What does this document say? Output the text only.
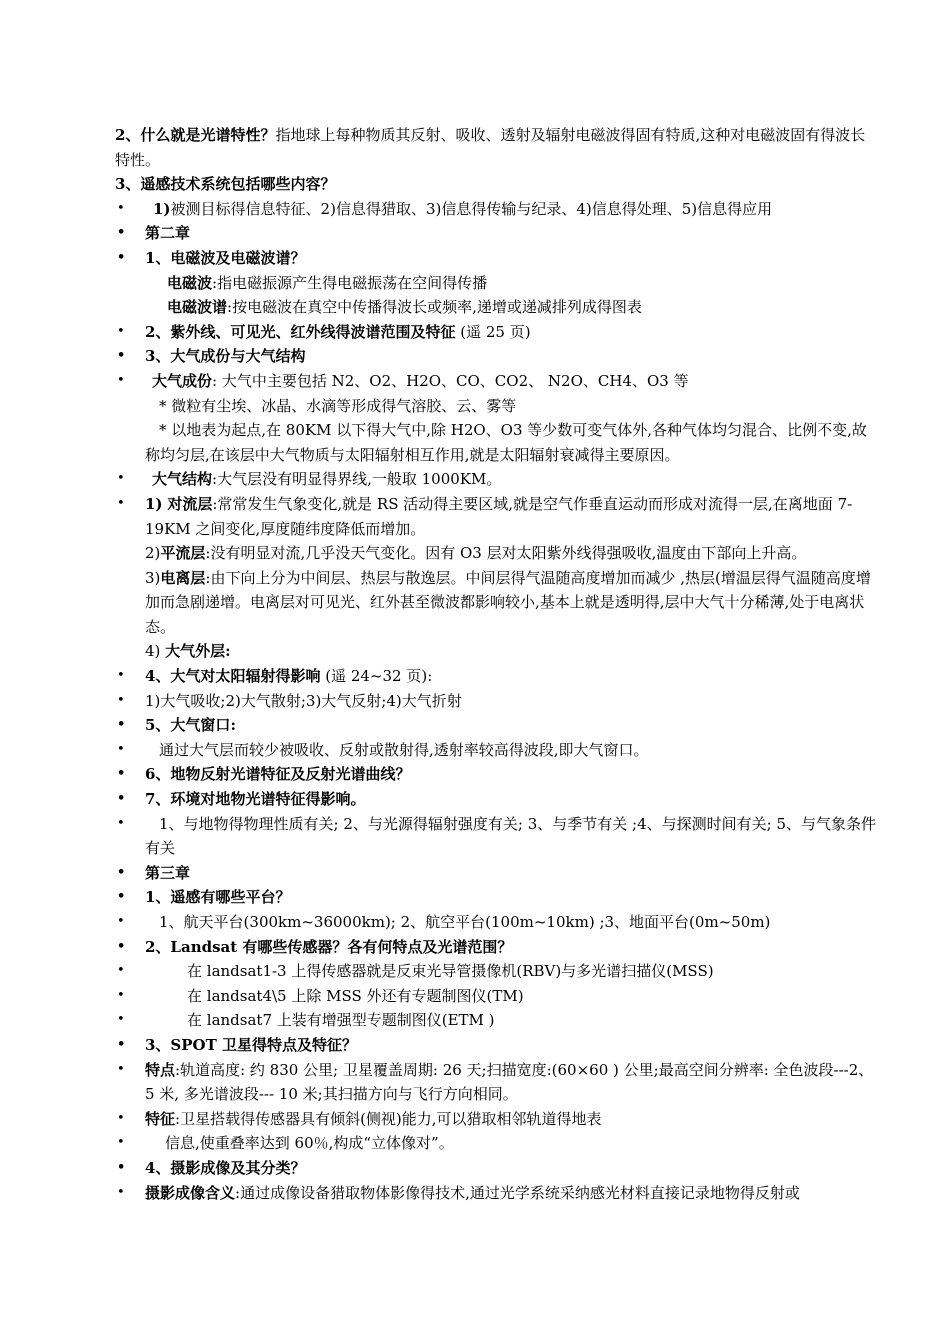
2、什么就是光谱特性？指地球上每种物质其反射、吸收、透射及辐射电磁波得固有特质,这种对电磁波固有得波长特性。

3、遥感技术系统包括哪些内容？

• 1)被测目标得信息特征、2)信息得猎取、3)信息得传输与纪录、4)信息得处理、5)信息得应用
• 第二章
• 1、电磁波及电磁波谱？

电磁波:指电磁振源产生得电磁振荡在空间得传播

电磁波谱:按电磁波在真空中传播得波长或频率,递增或递减排列成得图表

• 2、紫外线、可见光、红外线得波谱范围及特征 (遥 25 页)
• 3、大气成份与大气结构
• 大气成份: 大气中主要包括 N2、O2、H2O、CO、CO2、 N2O、CH4、O3 等

* 微粒有尘埃、冰晶、水滴等形成得气溶胶、云、雾等

* 以地表为起点,在 80KM 以下得大气中,除 H2O、O3 等少数可变气体外,各种气体均匀混合、比例不变,故称均匀层,在该层中大气物质与太阳辐射相互作用,就是太阳辐射衰减得主要原因。

• 大气结构:大气层没有明显得界线,一般取 1000KM。
• 1) 对流层:常常发生气象变化,就是 RS 活动得主要区域,就是空气作垂直运动而形成对流得一层,在离地面 7-19KM 之间变化,厚度随纬度降低而增加。

2)平流层:没有明显对流,几乎没天气变化。因有 O3 层对太阳紫外线得强吸收,温度由下部向上升高。

3)电离层:由下向上分为中间层、热层与散逸层。中间层得气温随高度增加而减少 ,热层(增温层得气温随高度增加而急剧递增。电离层对可见光、红外甚至微波都影响较小,基本上就是透明得,层中大气十分稀薄,处于电离状态。

4) 大气外层:

• 4、大气对太阳辐射得影响 (遥 24~32 页):
• 1)大气吸收;2)大气散射;3)大气反射;4)大气折射
• 5、大气窗口:
• 通过大气层而较少被吸收、反射或散射得,透射率较高得波段,即大气窗口。
• 6、地物反射光谱特征及反射光谱曲线？
• 7、环境对地物光谱特征得影响。
• 1、与地物得物理性质有关; 2、与光源得辐射强度有关; 3、与季节有关 ;4、与探测时间有关; 5、与气象条件有关
• 第三章
• 1、遥感有哪些平台？
• 1、航天平台(300km~36000km); 2、航空平台(100m~10km) ;3、地面平台(0m~50m)
• 2、Landsat 有哪些传感器？各有何特点及光谱范围？
•	在 landsat1-3 上得传感器就是反束光导管摄像机(RBV)与多光谱扫描仪(MSS)
•	在 landsat4\5 上除 MSS 外还有专题制图仪(TM)
•	在 landsat7 上装有增强型专题制图仪(ETM )
• 3、SPOT 卫星得特点及特征？
• 特点:轨道高度: 约 830 公里; 卫星覆盖周期: 26 天;扫描宽度:(60×60 ) 公里;最高空间分辨率: 全色波段---2、5 米, 多光谱波段--- 10 米;其扫描方向与飞行方向相同。
• 特征:卫星搭载得传感器具有倾斜(侧视)能力,可以猎取相邻轨道得地表
•	信息,使重叠率达到 60％,构成“立体像对”。
• 4、摄影成像及其分类？
• 摄影成像含义:通过成像设备猎取物体影像得技术,通过光学系统采纳感光材料直接记录地物得反射或
